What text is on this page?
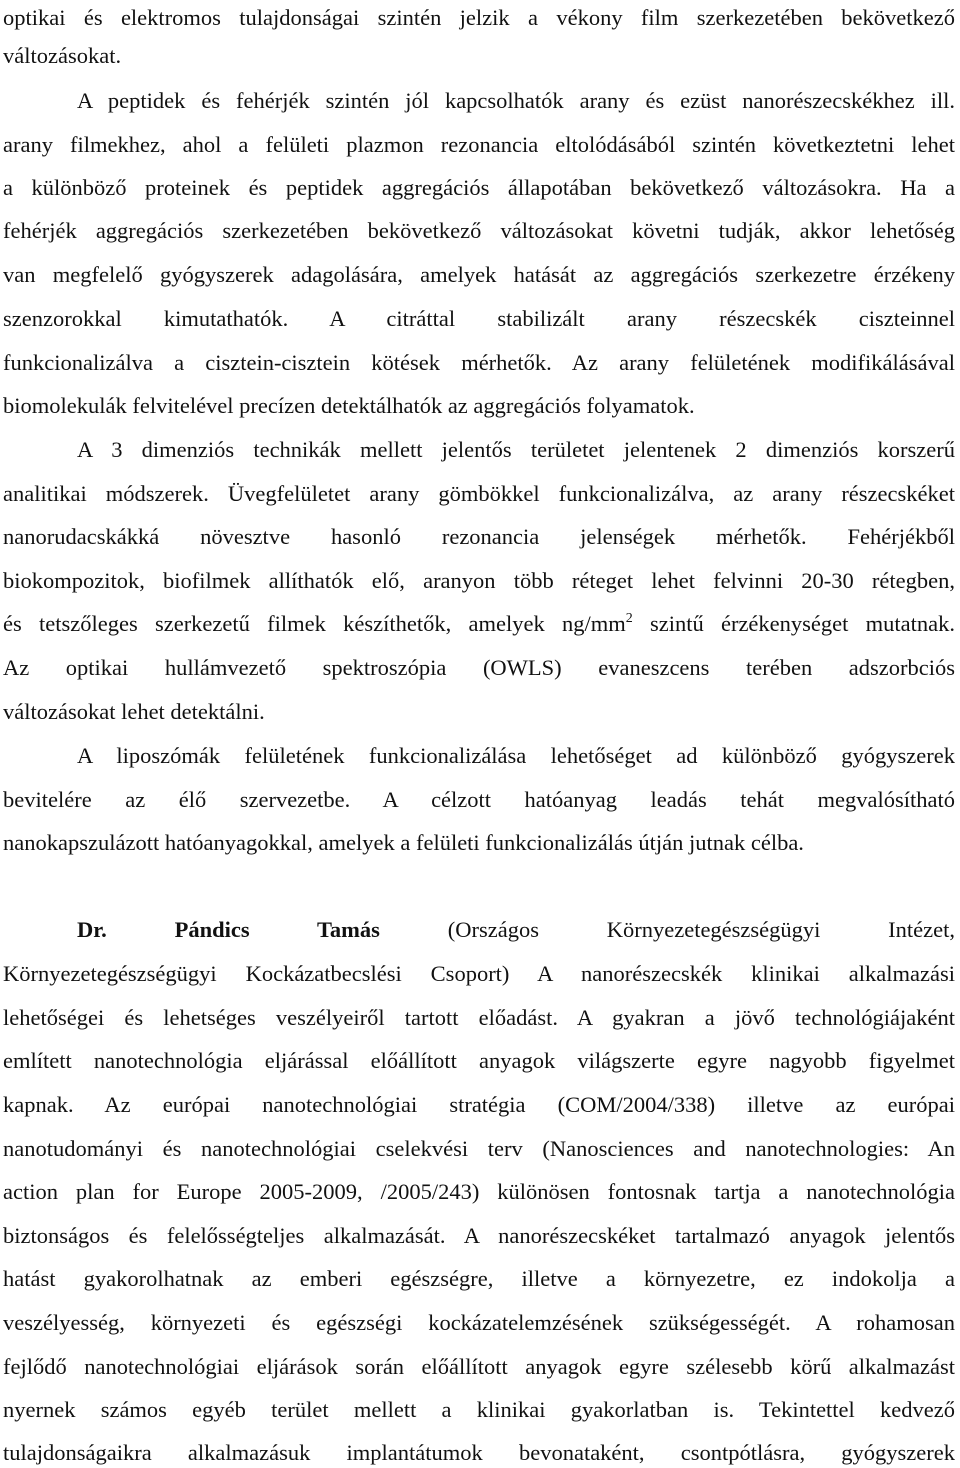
optikai és elektromos tulajdonságai szintén jelzik a vékony film szerkezetében bekövetkező
változásokat.
A peptidek és fehérjék szintén jól kapcsolhatók arany és ezüst nanorészecskékhez ill.
arany filmekhez, ahol a felületi plazmon rezonancia eltolódásából szintén következtetni lehet
a különböző proteinek és peptidek aggregációs állapotában bekövetkező változásokra. Ha a
fehérjék aggregációs szerkezetében bekövetkező változásokat követni tudják, akkor lehetőség
van megfelelő gyógyszerek adagolására, amelyek hatását az aggregációs szerkezetre érzékeny
szenzorokkal kimutathatók. A citráttal stabilizált arany részecskék ciszteinnel
funkcionalizálva a cisztein-cisztein kötések mérhetők. Az arany felületének modifikálásával
biomolekulák felvitelével precízen detektálhatók az aggregációs folyamatok.
A 3 dimenziós technikák mellett jelentős területet jelentenek 2 dimenziós korszerű
analitikai módszerek. Üvegfelületet arany gömbökkel funkcionalizálva, az arany részecskéket
nanorudacskákká növesztve hasonló rezonancia jelenségek mérhetők. Fehérjékből
biokompozitok, biofilmek allíthatók elő, aranyon több réteget lehet felvinni 20-30 rétegben,
és tetszőleges szerkezetű filmek készíthetők, amelyek $ng/mm^2$ szintű érzékenységet mutatnak.
Az optikai hullámvezető spektroszópia (OWLS) evaneszcens terében adszorbciós
változásokat lehet detektálni.
A liposzómák felületének funkcionalizálása lehetőséget ad különböző gyógyszerek
bevitelére az élő szervezetbe. A célzott hatóanyag leadás tehát megvalósítható
nanokapszulázott hatóanyagokkal, amelyek a felületi funkcionalizálás útján jutnak célba.
Dr.	Pándics Tamás	(Országos Környezetegészségügyi Intézet,
Környezetegészségügyi Kockázatbecslési Csoport) A nanorészecskék klinikai alkalmazási
lehetőségei és lehetséges veszélyeiről tartott előadást. A gyakran a jövő technológiájaként
említett nanotechnológia eljárással előállított anyagok világszerte egyre nagyobb figyelmet
kapnak. Az európai nanotechnológiai stratégia (COM/2004/338) illetve az európai
nanotudományi és nanotechnológiai cselekvési terv (Nanosciences and nanotechnologies: An
action plan for Europe 2005-2009, /2005/243) különösen fontosnak tartja a nanotechnológia
biztonságos és felelősségteljes alkalmazását. A nanorészecskéket tartalmazó anyagok jelentős
hatást gyakorolhatnak az emberi egészségre, illetve a környezetre, ez indokolja a
veszélyesség, környezeti és egészségi kockázatelemzésének szükségességét. A rohamosan
fejlődő nanotechnológiai eljárások során előállított anyagok egyre szélesebb körű alkalmazást
nyernek számos egyéb terület mellett a klinikai gyakorlatban is. Tekintettel kedvező
tulajdonságaikra alkalmazásuk implantátumok bevonataként, csontpótlásra, gyógyszerek
